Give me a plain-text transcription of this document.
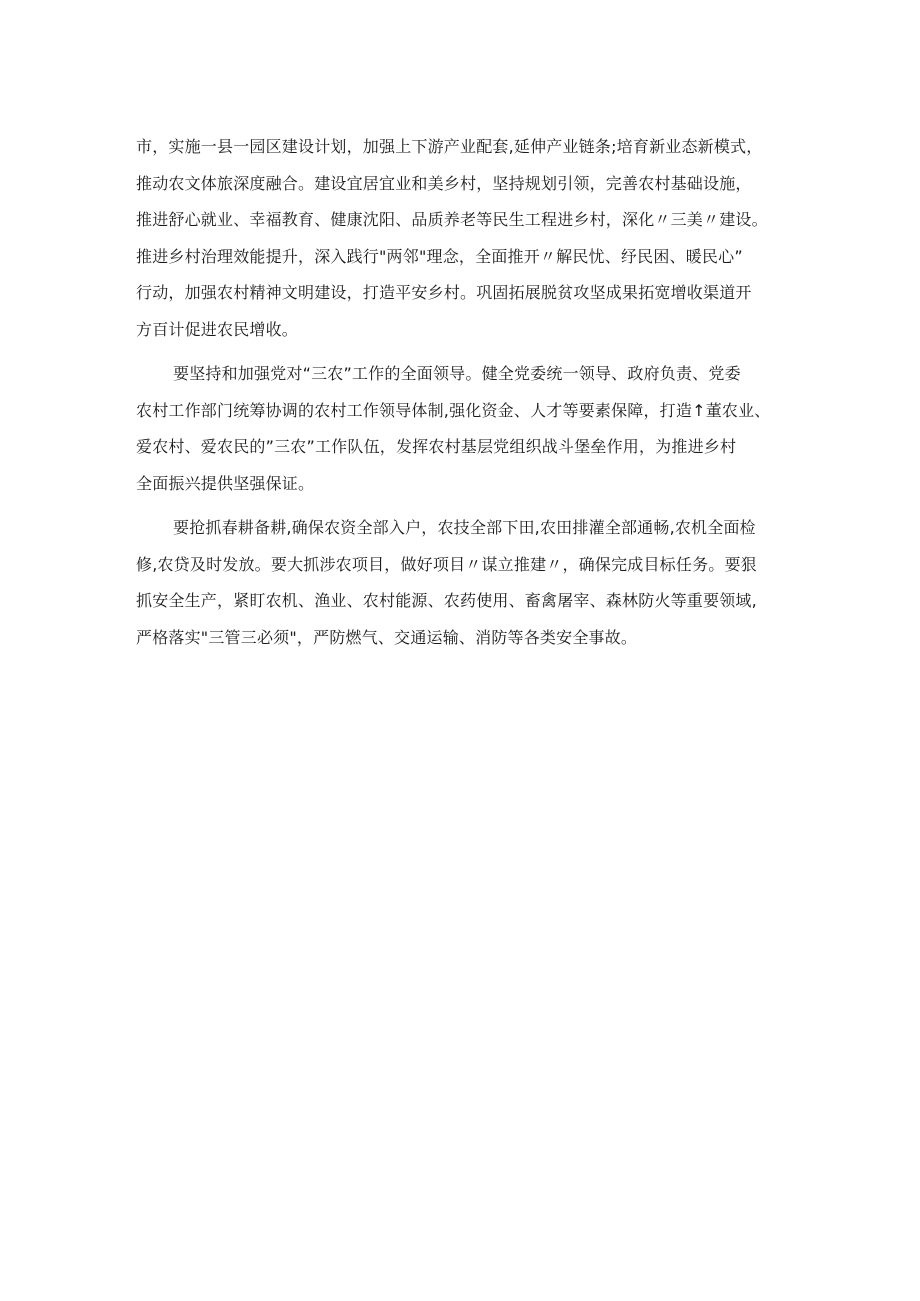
市，实施一县一园区建设计划，加强上下游产业配套,延伸产业链条;培育新业态新模式，
推动农文体旅深度融合。建设宜居宜业和美乡村，坚持规划引领，完善农村基础设施，
推进舒心就业、幸福教育、健康沈阳、品质养老等民生工程进乡村，深化〃三美〃建设。
推进乡村治理效能提升，深入践行"两邻"理念，全面推开〃解民忧、纾民困、暖民心”
行动，加强农村精神文明建设，打造平安乡村。巩固拓展脱贫攻坚成果拓宽增收渠道开
方百计促进农民增收。
要坚持和加强党对“三农”工作的全面领导。健全党委统一领导、政府负责、党委
农村工作部门统筹协调的农村工作领导体制,强化资金、人才等要素保障，打造↑董农业、
爱农村、爱农民的”三农”工作队伍，发挥农村基层党组织战斗堡垒作用，为推进乡村
全面振兴提供坚强保证。
要抢抓春耕备耕,确保农资全部入户，农技全部下田,农田排灌全部通畅,农机全面检
修,农贷及时发放。要大抓涉农项目，做好项目〃谋立推建〃，确保完成目标任务。要狠
抓安全生产，紧盯农机、渔业、农村能源、农药使用、畜禽屠宰、森林防火等重要领域,
严格落实"三管三必须"，严防燃气、交通运输、消防等各类安全事故。
